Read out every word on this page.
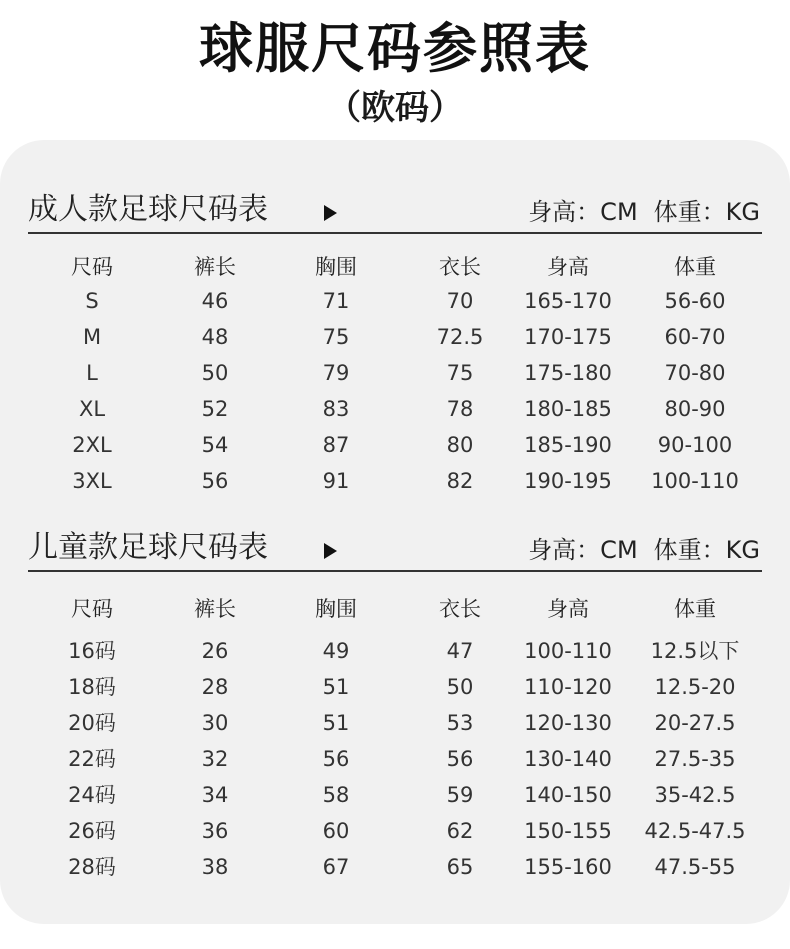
球服尺码参照表
（欧码）
成人款足球尺码表	身高：CM 体重：KG
尺码	裤长	胸围	衣长	身高	体重
S	46	71	70	165-170	56-60
M	48	75	72.5	170-175	60-70
L	50	79	75	175-180	70-80
XL	52	83	78	180-185	80-90
2XL	54	87	80	185-190	90-100
3XL	56	91	82	190-195	100-110
儿童款足球尺码表	身高：CM 体重：KG
尺码	裤长	胸围	衣长	身高	体重
16码	26	49	47	100-110	12.5以下
18码	28	51	50	110-120	12.5-20
20码	30	51	53	120-130	20-27.5
22码	32	56	56	130-140	27.5-35
24码	34	58	59	140-150	35-42.5
26码	36	60	62	150-155	42.5-47.5
28码	38	67	65	155-160	47.5-55
